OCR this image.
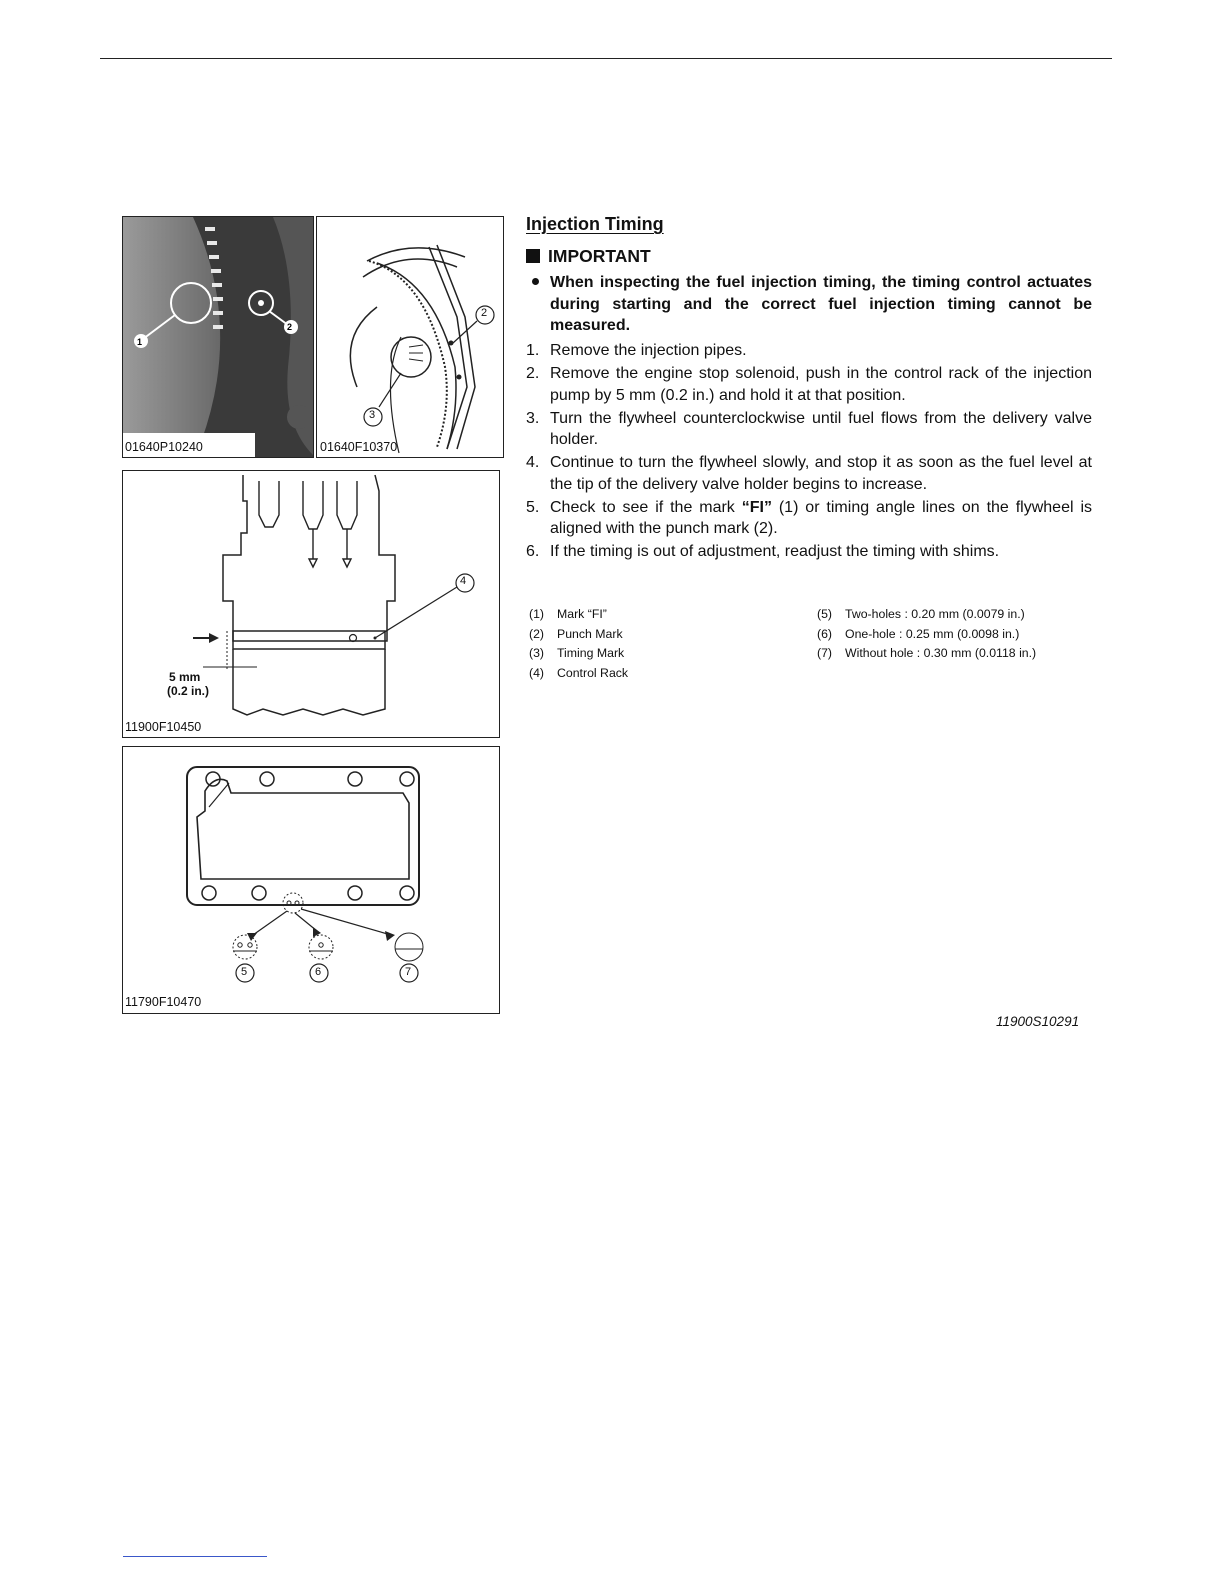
1
2
01640P10240
2
3
01640F10370
4
5 mm
(0.2 in.)
11900F10450
5	6	7
11790F10470
Injection Timing
IMPORTANT
When inspecting the fuel injection timing, the timing control actuates during starting and the correct fuel injection timing cannot be measured.
1. Remove the injection pipes.
2. Remove the engine stop solenoid, push in the control rack of the injection pump by 5 mm (0.2 in.) and hold it at that position.
3. Turn the flywheel counterclockwise until fuel flows from the delivery valve holder.
4. Continue to turn the flywheel slowly, and stop it as soon as the fuel level at the tip of the delivery valve holder begins to increase.
5. Check to see if the mark “FI” (1) or timing angle lines on the flywheel is aligned with the punch mark (2).
6. If the timing is out of adjustment, readjust the timing with shims.
(1) Mark “FI”
(2) Punch Mark
(3) Timing Mark
(4) Control Rack
(5) Two-holes : 0.20 mm (0.0079 in.)
(6) One-hole : 0.25 mm (0.0098 in.)
(7) Without hole : 0.30 mm (0.0118 in.)
11900S10291
